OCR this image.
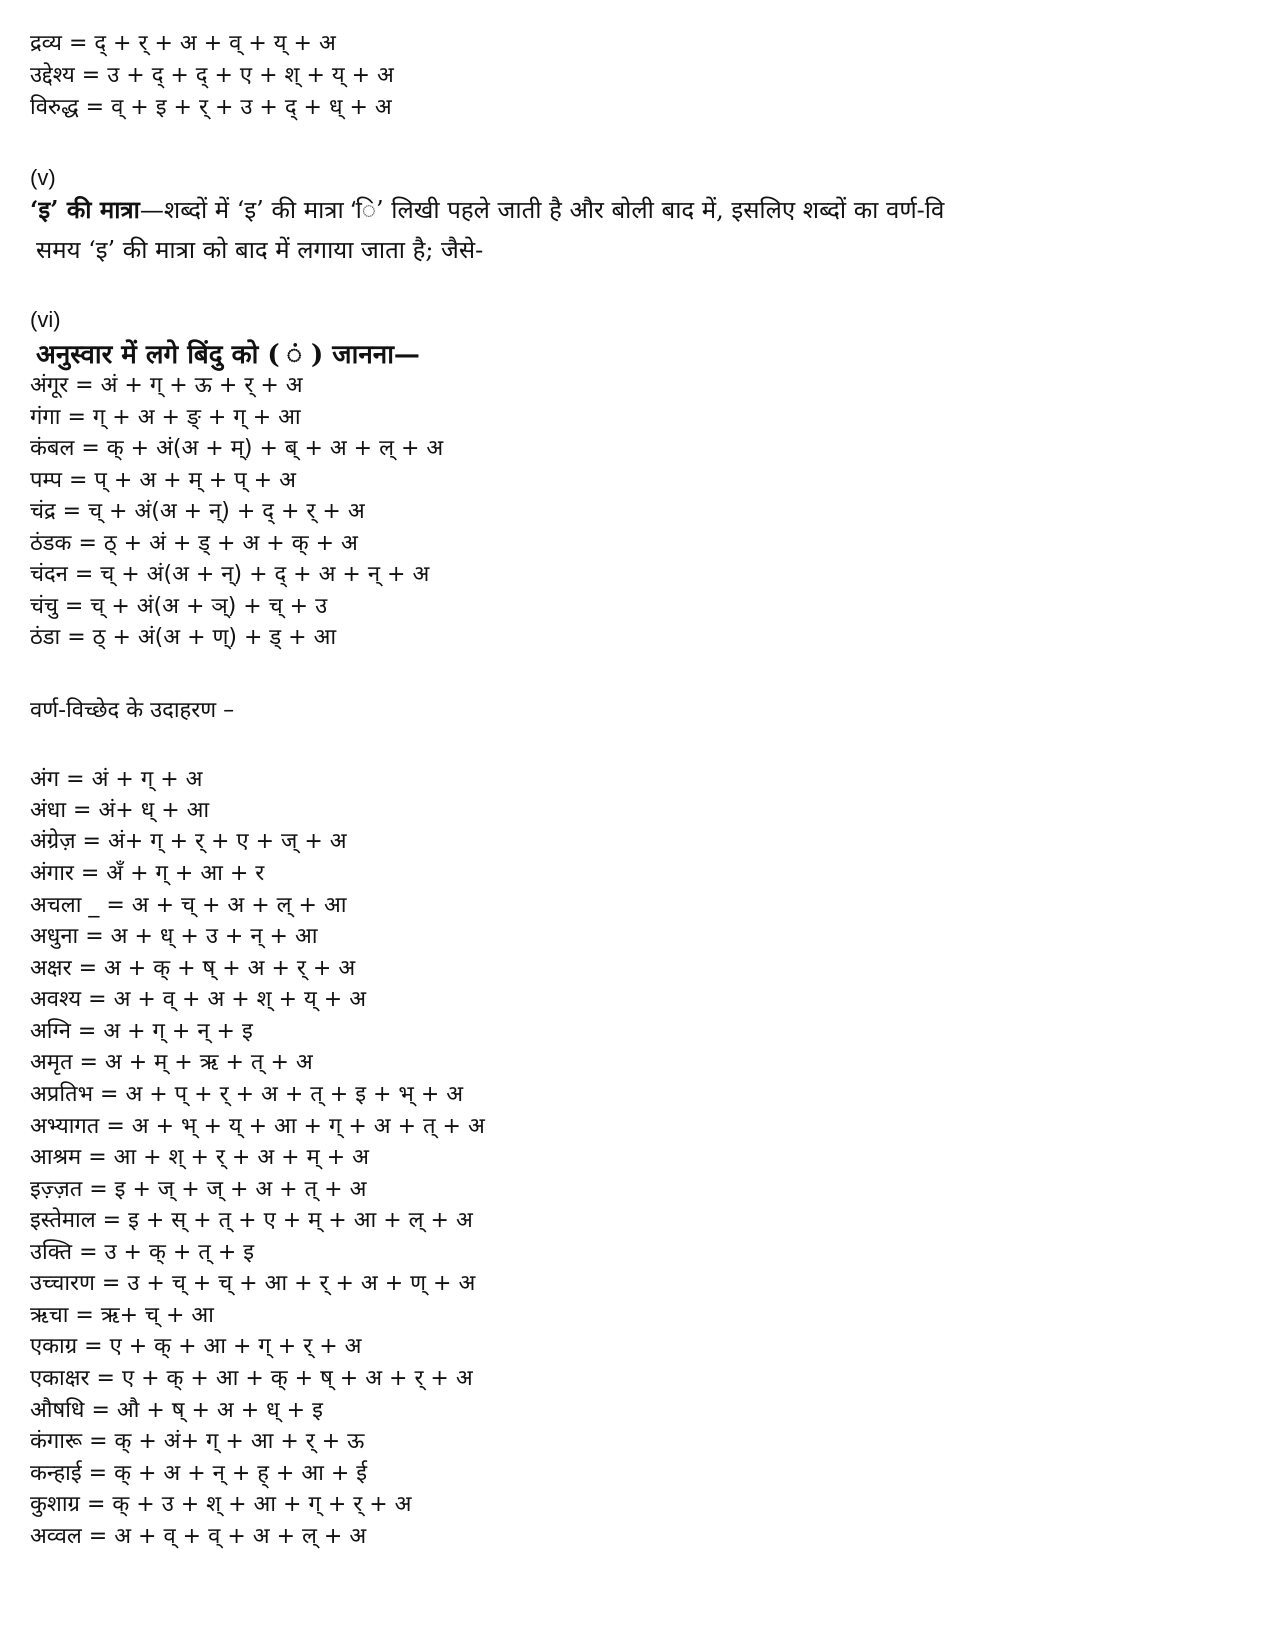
द्रव्य = द् + र् + अ + व् + य् + अ
उद्देश्य = उ + द् + द् + ए + श् + य् + अ
विरुद्ध = व् + इ + र् + उ + द् + ध् + अ
(v)
‘इ’ की मात्रा—शब्दों में ‘इ’ की मात्रा ‘ि’ लिखी पहले जाती है और बोली बाद में, इसलिए शब्दों का वर्ण-वि
समय ‘इ’ की मात्रा को बाद में लगाया जाता है; जैसे-
(vi)
अनुस्वार में लगे बिंदु को ( ं ) जानना—
अंगूर = अं + ग् + ऊ + र् + अ
गंगा = ग् + अ + ङ् + ग् + आ
कंबल = क् + अं(अ + म्) + ब् + अ + ल् + अ
पम्प = प् + अ + म् + प् + अ
चंद्र = च् + अं(अ + न्) + द् + र् + अ
ठंडक = ठ् + अं + ड् + अ + क् + अ
चंदन = च् + अं(अ + न्) + द् + अ + न् + अ
चंचु = च् + अं(अ + ञ्) + च् + उ
ठंडा = ठ् + अं(अ + ण्) + ड् + आ
वर्ण-विच्छेद के उदाहरण –
अंग = अं + ग् + अ
अंधा = अं+ ध् + आ
अंग्रेज़ = अं+ ग् + र् + ए + ज् + अ
अंगार = अँ + ग् + आ + र
अचला _ = अ + च् + अ + ल् + आ
अधुना = अ + ध् + उ + न् + आ
अक्षर = अ + क् + ष् + अ + र् + अ
अवश्य = अ + व् + अ + श् + य् + अ
अग्नि = अ + ग् + न् + इ
अमृत = अ + म् + ऋ + त् + अ
अप्रतिभ = अ + प् + र् + अ + त् + इ + भ् + अ
अभ्यागत = अ + भ् + य् + आ + ग् + अ + त् + अ
आश्रम = आ + श् + र् + अ + म् + अ
इज़्ज़त = इ + ज् + ज् + अ + त् + अ
इस्तेमाल = इ + स् + त् + ए + म् + आ + ल् + अ
उक्ति = उ + क् + त् + इ
उच्चारण = उ + च् + च् + आ + र् + अ + ण् + अ
ऋचा = ऋ+ च् + आ
एकाग्र = ए + क् + आ + ग् + र् + अ
एकाक्षर = ए + क् + आ + क् + ष् + अ + र् + अ
औषधि = औ + ष् + अ + ध् + इ
कंगारू = क् + अं+ ग् + आ + र् + ऊ
कन्हाई = क् + अ + न् + ह् + आ + ई
कुशाग्र = क् + उ + श् + आ + ग् + र् + अ
अव्वल = अ + व् + व् + अ + ल् + अ
